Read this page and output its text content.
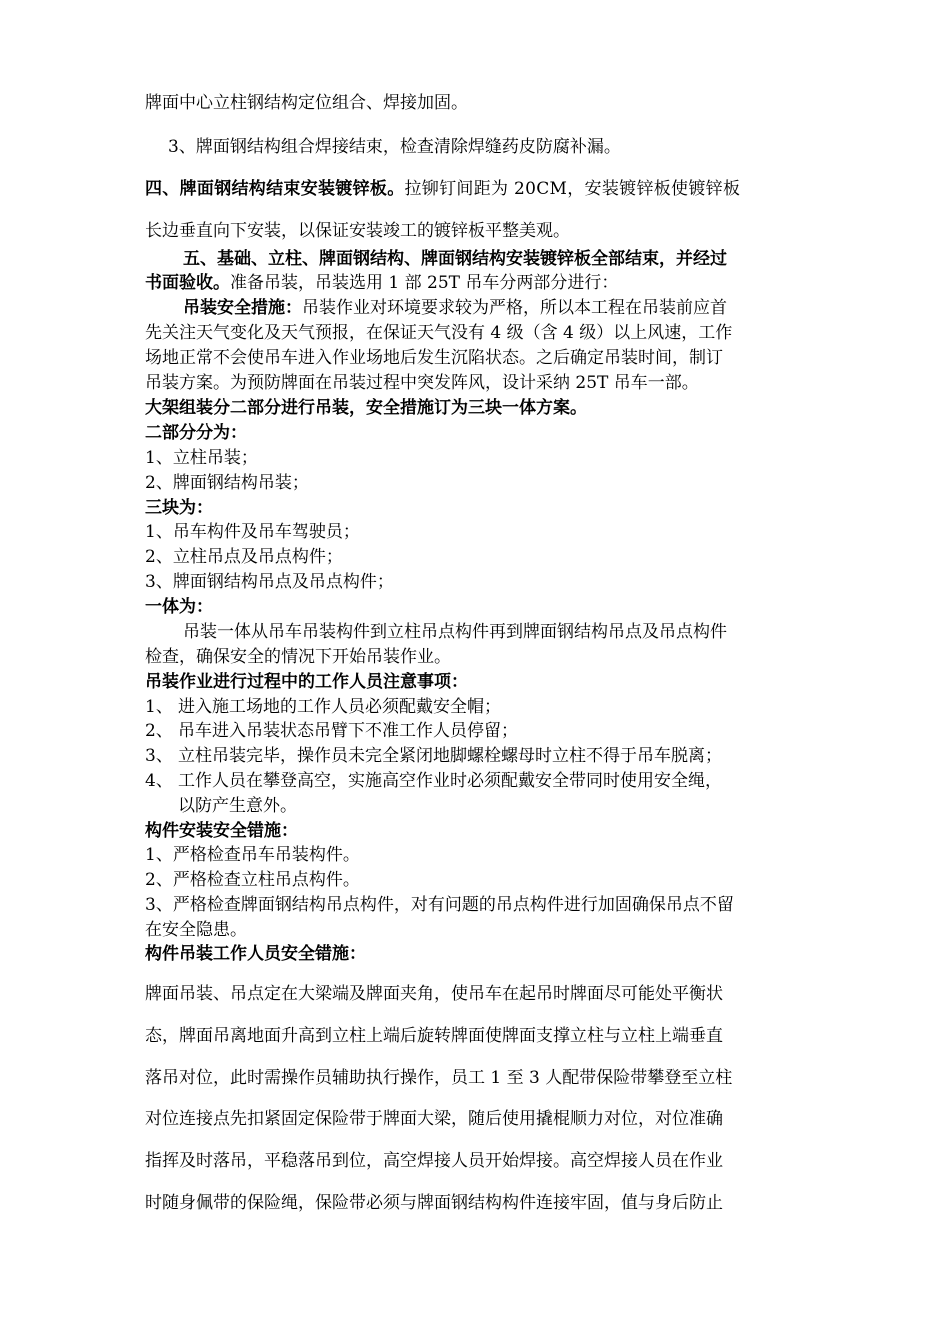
牌面中心立柱钢结构定位组合、焊接加固。
3、牌面钢结构组合焊接结束，检查清除焊缝药皮防腐补漏。
四、牌面钢结构结束安装镀锌板。拉铆钉间距为 20CM，安装镀锌板使镀锌板
长边垂直向下安装，以保证安装竣工的镀锌板平整美观。
五、基础、立柱、牌面钢结构、牌面钢结构安装镀锌板全部结束，并经过
书面验收。准备吊装，吊装选用 1 部 25T 吊车分两部分进行：
吊装安全措施：吊装作业对环境要求较为严格，所以本工程在吊装前应首
先关注天气变化及天气预报，在保证天气没有 4 级（含 4 级）以上风速，工作
场地正常不会使吊车进入作业场地后发生沉陷状态。之后确定吊装时间，制订
吊装方案。为预防牌面在吊装过程中突发阵风，设计采纳 25T 吊车一部。
大架组装分二部分进行吊装，安全措施订为三块一体方案。
二部分分为：
1、立柱吊装；
2、牌面钢结构吊装；
三块为：
1、吊车构件及吊车驾驶员；
2、立柱吊点及吊点构件；
3、牌面钢结构吊点及吊点构件；
一体为：
吊装一体从吊车吊装构件到立柱吊点构件再到牌面钢结构吊点及吊点构件
检查，确保安全的情况下开始吊装作业。
吊装作业进行过程中的工作人员注意事项：
1、 进入施工场地的工作人员必须配戴安全帽；
2、 吊车进入吊装状态吊臂下不准工作人员停留；
3、 立柱吊装完毕，操作员未完全紧闭地脚螺栓螺母时立柱不得于吊车脱离；
4、 工作人员在攀登高空，实施高空作业时必须配戴安全带同时使用安全绳，
以防产生意外。
构件安装安全错施：
1、严格检查吊车吊装构件。
2、严格检查立柱吊点构件。
3、严格检查牌面钢结构吊点构件，对有问题的吊点构件进行加固确保吊点不留
在安全隐患。
构件吊装工作人员安全错施：
牌面吊装、吊点定在大梁端及牌面夹角，使吊车在起吊时牌面尽可能处平衡状
态，牌面吊离地面升高到立柱上端后旋转牌面使牌面支撑立柱与立柱上端垂直
落吊对位，此时需操作员辅助执行操作，员工 1 至 3 人配带保险带攀登至立柱
对位连接点先扣紧固定保险带于牌面大梁，随后使用撬棍顺力对位，对位准确
指挥及时落吊，平稳落吊到位，高空焊接人员开始焊接。高空焊接人员在作业
时随身佩带的保险绳，保险带必须与牌面钢结构构件连接牢固，值与身后防止
